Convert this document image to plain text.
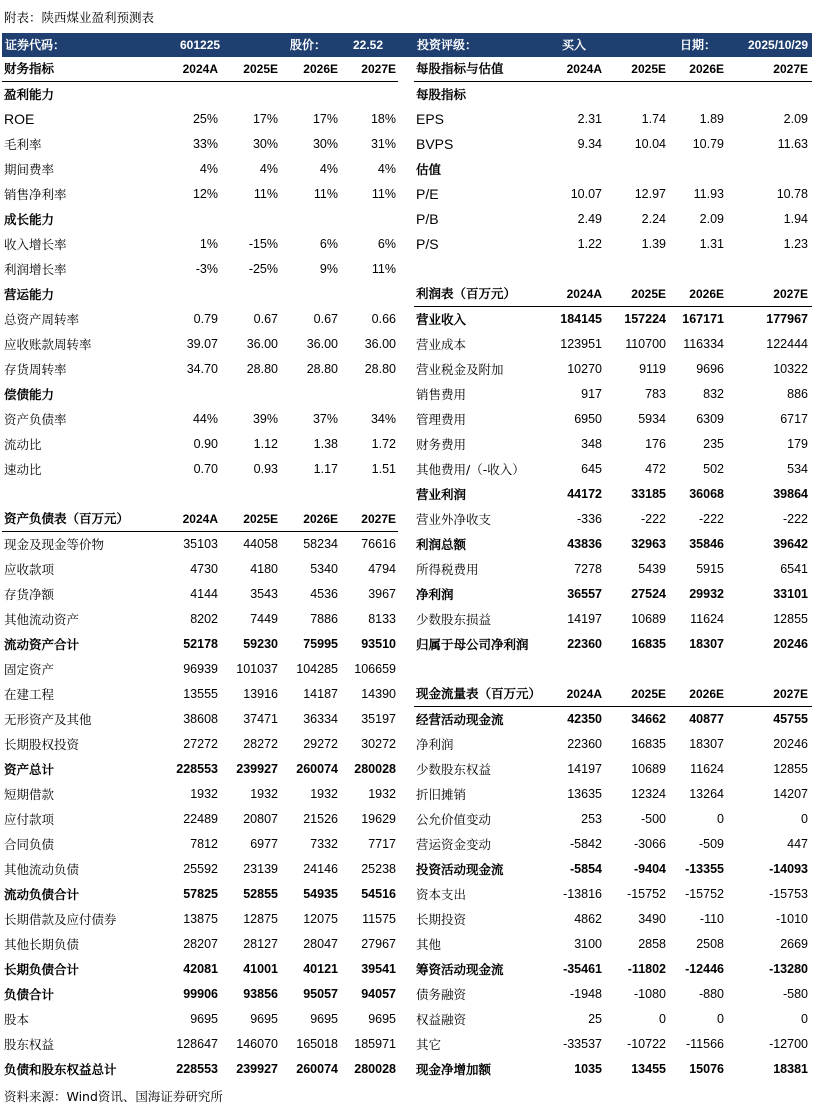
附表：陕西煤业盈利预测表
证券代码：	601225	股价： 22.52	投资评级：	买入	日期：	2025/10/29
财务指标	2024A	2025E	2026E	2027E
盈利能力
ROE	25%	17%	17%	18%
毛利率	33%	30%	30%	31%
期间费率	4%	4%	4%	4%
销售净利率	12%	11%	11%	11%
成长能力
收入增长率	1%	-15%	6%	6%
利润增长率	-3%	-25%	9%	11%
营运能力
总资产周转率	0.79	0.67	0.67	0.66
应收账款周转率	39.07	36.00	36.00	36.00
存货周转率	34.70	28.80	28.80	28.80
偿债能力
资产负债率	44%	39%	37%	34%
流动比	0.90	1.12	1.38	1.72
速动比	0.70	0.93	1.17	1.51
资产负债表（百万元）	2024A	2025E	2026E	2027E
现金及现金等价物	35103	44058	58234	76616
应收款项	4730	4180	5340	4794
存货净额	4144	3543	4536	3967
其他流动资产	8202	7449	7886	8133
流动资产合计	52178	59230	75995	93510
固定资产	96939	101037	104285	106659
在建工程	13555	13916	14187	14390
无形资产及其他	38608	37471	36334	35197
长期股权投资	27272	28272	29272	30272
资产总计	228553	239927	260074	280028
短期借款	1932	1932	1932	1932
应付款项	22489	20807	21526	19629
合同负债	7812	6977	7332	7717
其他流动负债	25592	23139	24146	25238
流动负债合计	57825	52855	54935	54516
长期借款及应付债券	13875	12875	12075	11575
其他长期负债	28207	28127	28047	27967
长期负债合计	42081	41001	40121	39541
负债合计	99906	93856	95057	94057
股本	9695	9695	9695	9695
股东权益	128647	146070	165018	185971
负债和股东权益总计	228553	239927	260074	280028
每股指标与估值	2024A	2025E	2026E	2027E
每股指标
EPS	2.31	1.74	1.89	2.09
BVPS	9.34	10.04	10.79	11.63
估值
P/E	10.07	12.97	11.93	10.78
P/B	2.49	2.24	2.09	1.94
P/S	1.22	1.39	1.31	1.23
利润表（百万元）	2024A	2025E	2026E	2027E
营业收入	184145	157224	167171	177967
营业成本	123951	110700	116334	122444
营业税金及附加	10270	9119	9696	10322
销售费用	917	783	832	886
管理费用	6950	5934	6309	6717
财务费用	348	176	235	179
其他费用/（-收入）	645	472	502	534
营业利润	44172	33185	36068	39864
营业外净收支	-336	-222	-222	-222
利润总额	43836	32963	35846	39642
所得税费用	7278	5439	5915	6541
净利润	36557	27524	29932	33101
少数股东损益	14197	10689	11624	12855
归属于母公司净利润	22360	16835	18307	20246
现金流量表（百万元）	2024A	2025E	2026E	2027E
经营活动现金流	42350	34662	40877	45755
净利润	22360	16835	18307	20246
少数股东权益	14197	10689	11624	12855
折旧摊销	13635	12324	13264	14207
公允价值变动	253	-500	0	0
营运资金变动	-5842	-3066	-509	447
投资活动现金流	-5854	-9404	-13355	-14093
资本支出	-13816	-15752	-15752	-15753
长期投资	4862	3490	-110	-1010
其他	3100	2858	2508	2669
筹资活动现金流	-35461	-11802	-12446	-13280
债务融资	-1948	-1080	-880	-580
权益融资	25	0	0	0
其它	-33537	-10722	-11566	-12700
现金净增加额	1035	13455	15076	18381
资料来源：Wind资讯、国海证券研究所
